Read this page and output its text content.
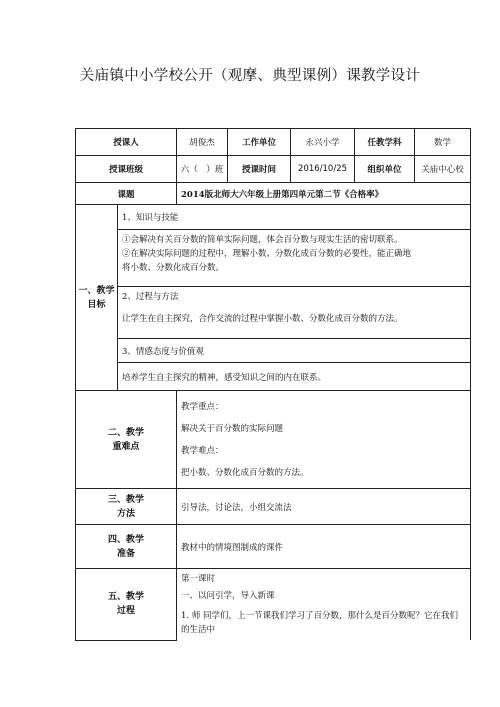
关庙镇中小学校公开（观摩、典型课例）课教学设计
授课人		胡俊杰	工作单位	永兴小学	任教学科	数学
授课班级		六（　）班	授课时间	2016/10/25	组织单位	关庙中心校
课题		2014版北师大六年级上册第四单元第二节《合格率》				

一、教学
目标	1、知识与技能					

	①会解决有关百分数的简单实际问题，体会百分数与现实生活的密切联系。
②在解决实际问题的过程中，理解小数、分数化成百分数的必要性，能正确地
将小数、分数化成百分数。					

	2、过程与方法
让学生在自主探究，合作交流的过程中掌握小数、分数化成百分数的方法。					

	3、情感态度与价值观					
	培养学生自主探究的精神，感受知识之间的内在联系。					

二、教学
重难点		教学重点：
解决关于百分数的实际问题
教学难点：
把小数、分数化成百分数的方法。				

三、教学
方法		引导法，讨论法，小组交流法				

四、教学
准备		教材中的情境图制成的课件				

五、教学
过程		第一课时
一、以问引学，导入新课
1. 师 同学们，上一节课我们学习了百分数，那什么是百分数呢？它在我们的生活中				
